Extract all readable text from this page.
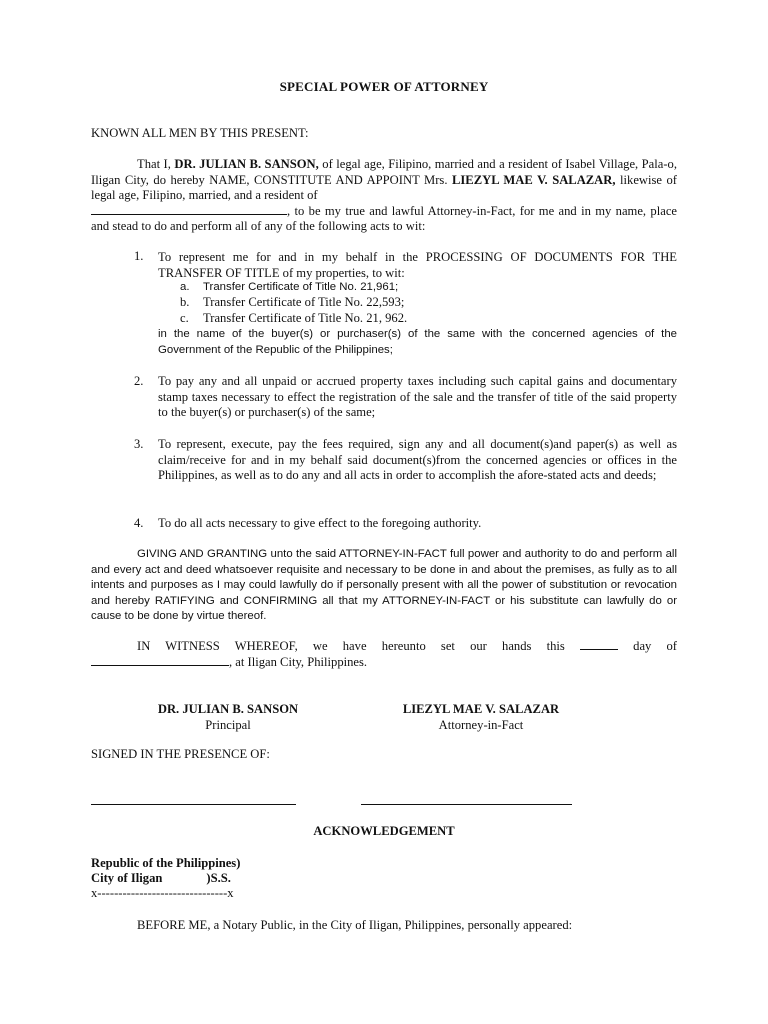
SPECIAL POWER OF ATTORNEY
KNOWN ALL MEN BY THIS PRESENT:
That I, DR. JULIAN B. SANSON, of legal age, Filipino, married and a resident of Isabel Village, Pala-o, Iligan City, do hereby NAME, CONSTITUTE AND APPOINT Mrs. LIEZYL MAE V. SALAZAR, likewise of legal age, Filipino, married, and a resident of
, to be my true and lawful Attorney-in-Fact, for me and in my name, place and stead to do and perform all of any of the following acts to wit:
1. To represent me for and in my behalf in the PROCESSING OF DOCUMENTS FOR THE TRANSFER OF TITLE of my properties, to wit:
a. Transfer Certificate of Title No. 21,961;
b. Transfer Certificate of Title No. 22,593;
c. Transfer Certificate of Title No. 21, 962.
in the name of the buyer(s) or purchaser(s) of the same with the concerned agencies of the Government of the Republic of the Philippines;
2. To pay any and all unpaid or accrued property taxes including such capital gains and documentary stamp taxes necessary to effect the registration of the sale and the transfer of title of the said property to the buyer(s) or purchaser(s) of the same;
3. To represent, execute, pay the fees required, sign any and all document(s)and paper(s) as well as claim/receive for and in my behalf said document(s)from the concerned agencies or offices in the Philippines, as well as to do any and all acts in order to accomplish the afore-stated acts and deeds;
4. To do all acts necessary to give effect to the foregoing authority.
GIVING AND GRANTING unto the said ATTORNEY-IN-FACT full power and authority to do and perform all and every act and deed whatsoever requisite and necessary to be done in and about the premises, as fully as to all intents and purposes as I may could lawfully do if personally present with all the power of substitution or revocation and hereby RATIFYING and CONFIRMING all that my ATTORNEY-IN-FACT or his substitute can lawfully do or cause to be done by virtue thereof.
IN WITNESS WHEREOF, we have hereunto set our hands this	day of
, at Iligan City, Philippines.
DR. JULIAN B. SANSON
Principal
LIEZYL MAE V. SALAZAR
Attorney-in-Fact
SIGNED IN THE PRESENCE OF:
ACKNOWLEDGEMENT
Republic of the Philippines)
City of Iligan	)S.S.
x-------------------------------x
BEFORE ME, a Notary Public, in the City of Iligan, Philippines, personally appeared:
